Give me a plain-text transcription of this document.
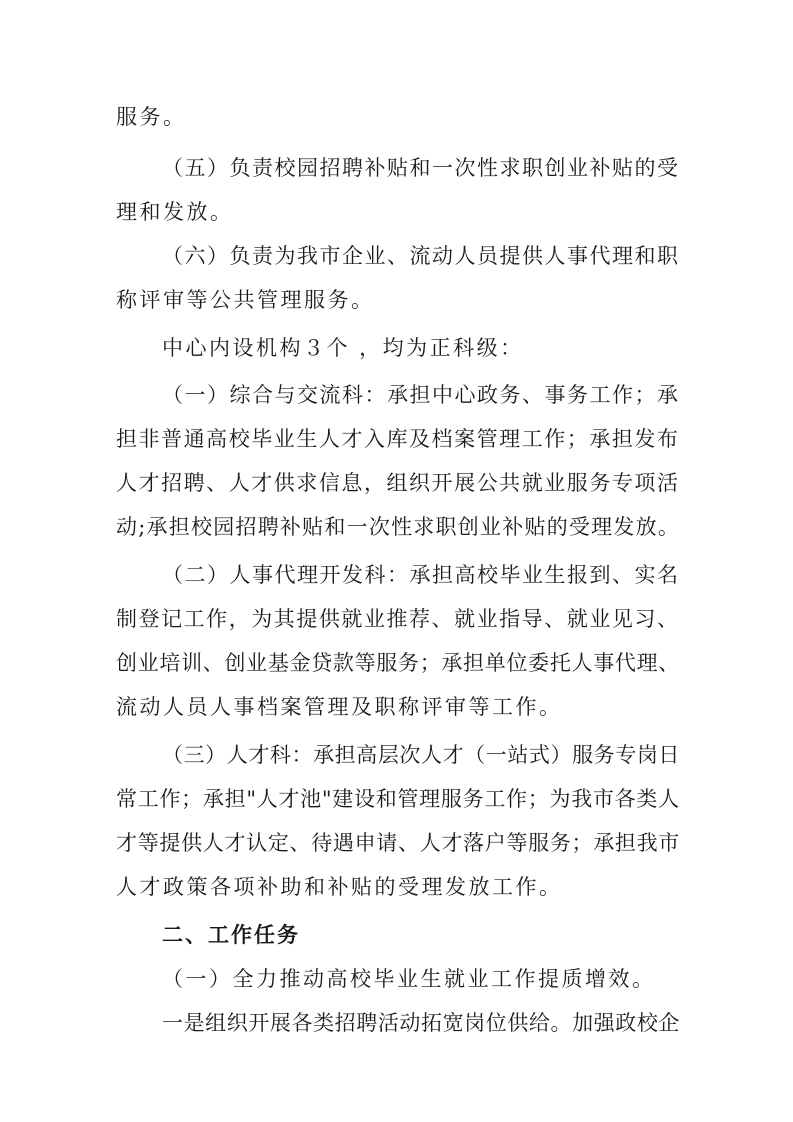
服务。
（五）负责校园招聘补贴和一次性求职创业补贴的受
理和发放。
（六）负责为我市企业、流动人员提供人事代理和职
称评审等公共管理服务。
中心内设机构３个 ，均为正科级：
（一）综合与交流科：承担中心政务、事务工作；承
担非普通高校毕业生人才入库及档案管理工作；承担发布
人才招聘、人才供求信息，组织开展公共就业服务专项活
动;承担校园招聘补贴和一次性求职创业补贴的受理发放。
（二）人事代理开发科：承担高校毕业生报到、实名
制登记工作，为其提供就业推荐、就业指导、就业见习、
创业培训、创业基金贷款等服务；承担单位委托人事代理、
流动人员人事档案管理及职称评审等工作。
（三）人才科：承担高层次人才（一站式）服务专岗日
常工作；承担"人才池"建设和管理服务工作；为我市各类人
才等提供人才认定、待遇申请、人才落户等服务；承担我市
人才政策各项补助和补贴的受理发放工作。
二、工作任务
（一）全力推动高校毕业生就业工作提质增效。
一是组织开展各类招聘活动拓宽岗位供给。加强政校企
